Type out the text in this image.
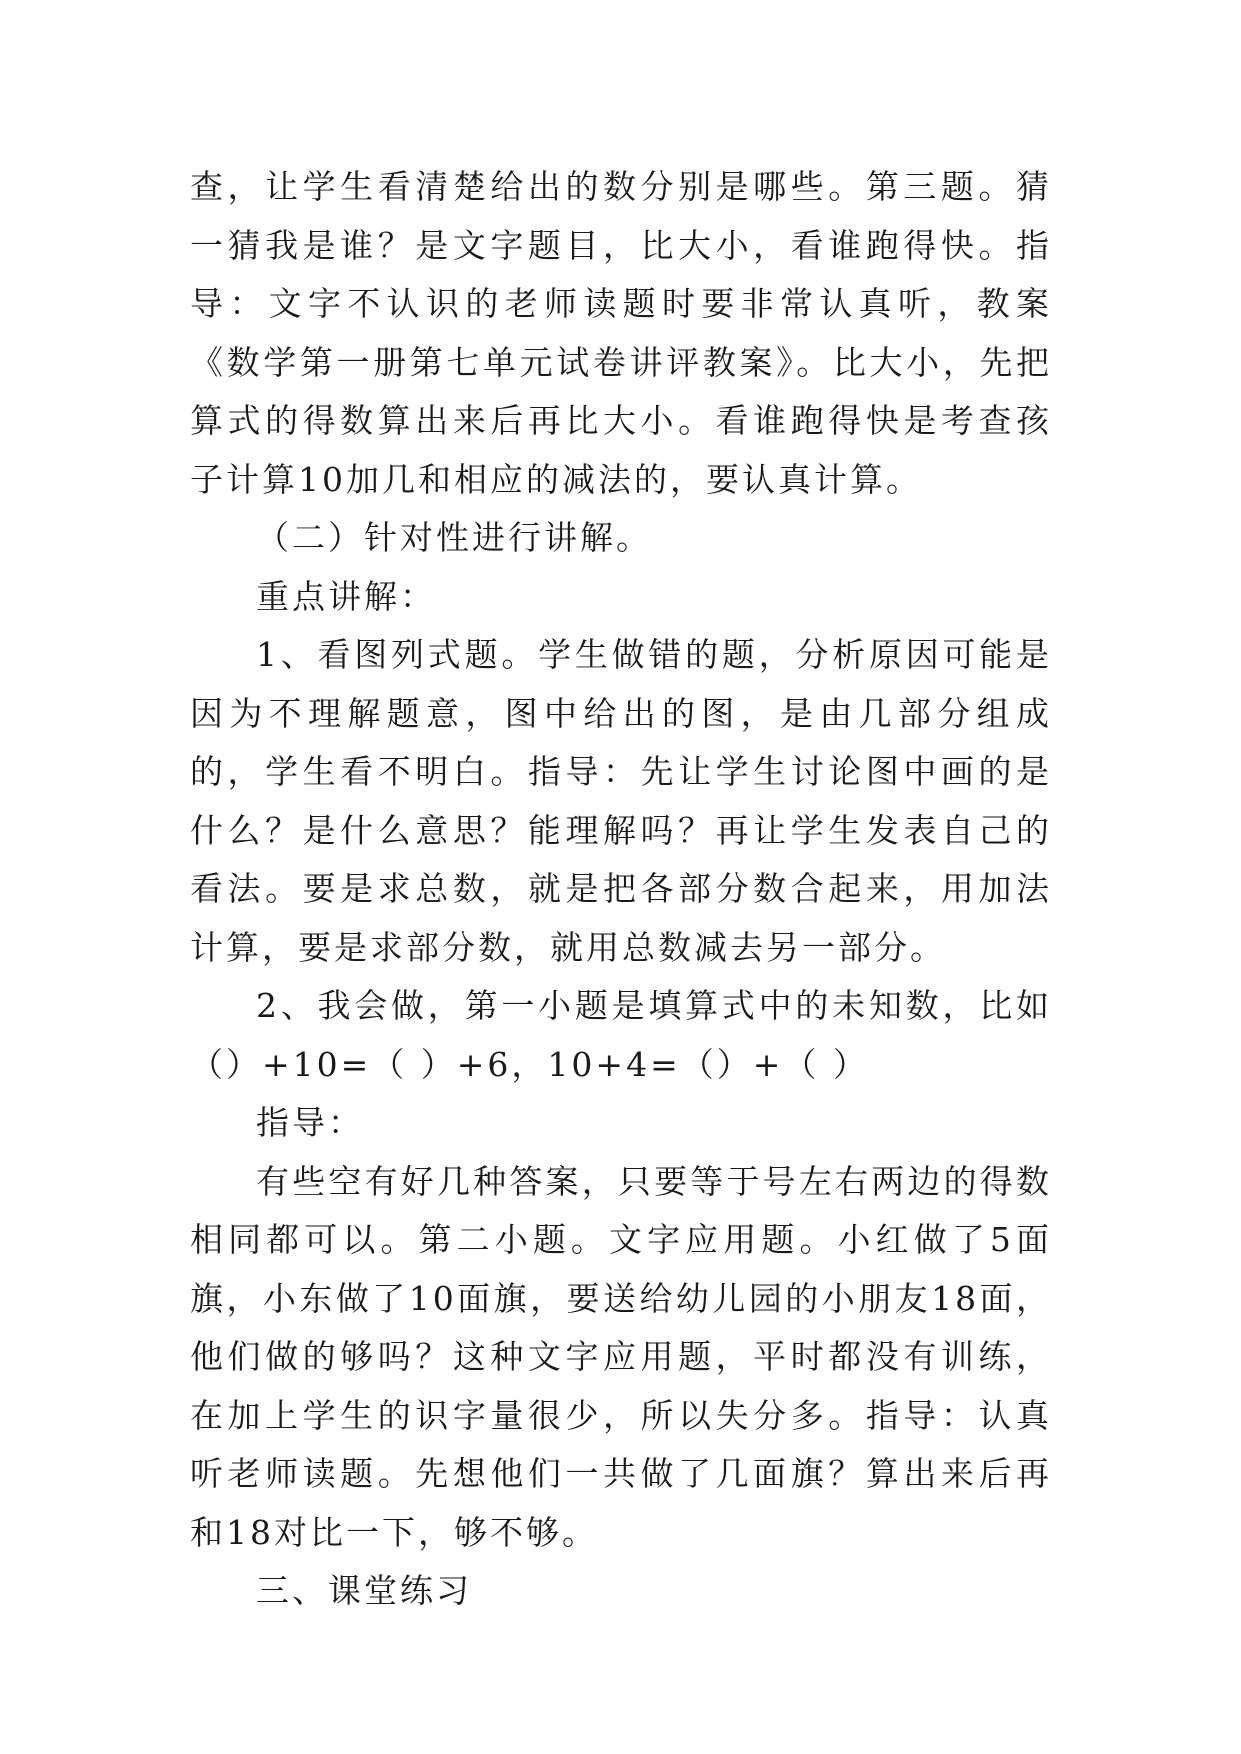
查，让学生看清楚给出的数分别是哪些。第三题。猜一猜我是谁？是文字题目，比大小，看谁跑得快。指导：文字不认识的老师读题时要非常认真听，教案《数学第一册第七单元试卷讲评教案》。比大小，先把算式的得数算出来后再比大小。看谁跑得快是考查孩子计算10加几和相应的减法的，要认真计算。

（二）针对性进行讲解。

重点讲解：

1、看图列式题。学生做错的题，分析原因可能是因为不理解题意，图中给出的图，是由几部分组成的，学生看不明白。指导：先让学生讨论图中画的是什么？是什么意思？能理解吗？再让学生发表自己的看法。要是求总数，就是把各部分数合起来，用加法计算，要是求部分数，就用总数减去另一部分。

2、我会做，第一小题是填算式中的未知数，比如（）+10=（ ）+6，10+4=（）+（ ）

指导：

有些空有好几种答案，只要等于号左右两边的得数相同都可以。第二小题。文字应用题。小红做了5面旗，小东做了10面旗，要送给幼儿园的小朋友18面，他们做的够吗？这种文字应用题，平时都没有训练，在加上学生的识字量很少，所以失分多。指导：认真听老师读题。先想他们一共做了几面旗？算出来后再和18对比一下，够不够。

三、课堂练习
